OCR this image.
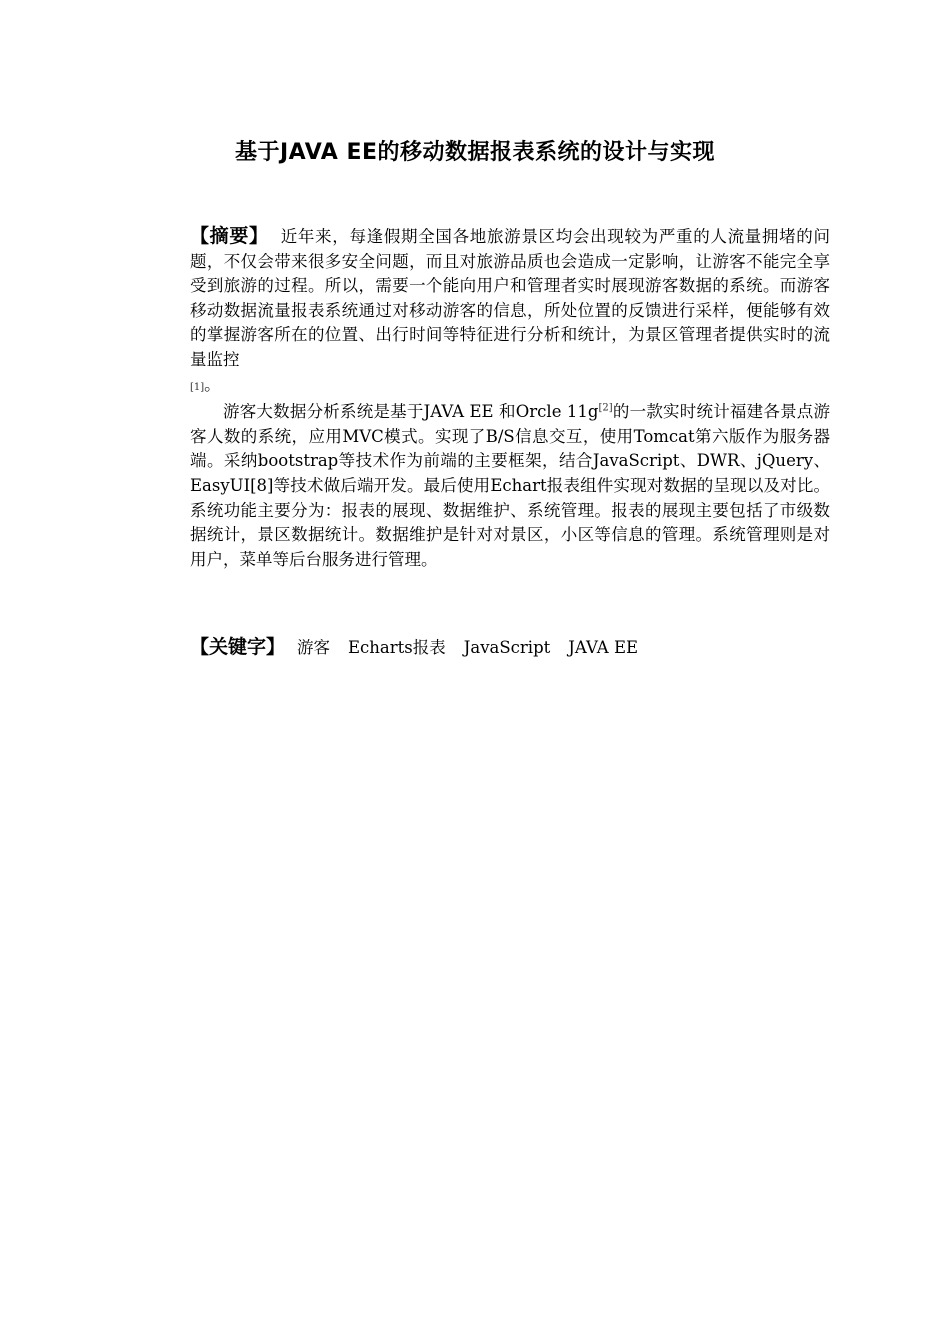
基于JAVA EE的移动数据报表系统的设计与实现

【摘要】 近年来，每逢假期全国各地旅游景区均会出现较为严重的人流量拥堵的问题，不仅会带来很多安全问题，而且对旅游品质也会造成一定影响，让游客不能完全享受到旅游的过程。所以，需要一个能向用户和管理者实时展现游客数据的系统。而游客移动数据流量报表系统通过对移动游客的信息，所处位置的反馈进行采样，便能够有效的掌握游客所在的位置、出行时间等特征进行分析和统计，为景区管理者提供实时的流量监控
[1]。

游客大数据分析系统是基于JAVA EE 和Orcle 11g[2]的一款实时统计福建各景点游客人数的系统，应用MVC模式。实现了B/S信息交互，使用Tomcat第六版作为服务器端。采纳bootstrap等技术作为前端的主要框架，结合JavaScript、DWR、jQuery、 EasyUI[8]等技术做后端开发。最后使用Echart报表组件实现对数据的呈现以及对比。系统功能主要分为：报表的展现、数据维护、系统管理。报表的展现主要包括了市级数据统计，景区数据统计。数据维护是针对对景区，小区等信息的管理。系统管理则是对用户，菜单等后台服务进行管理。

【关键字】 游客 Echarts报表 JavaScript JAVA EE
